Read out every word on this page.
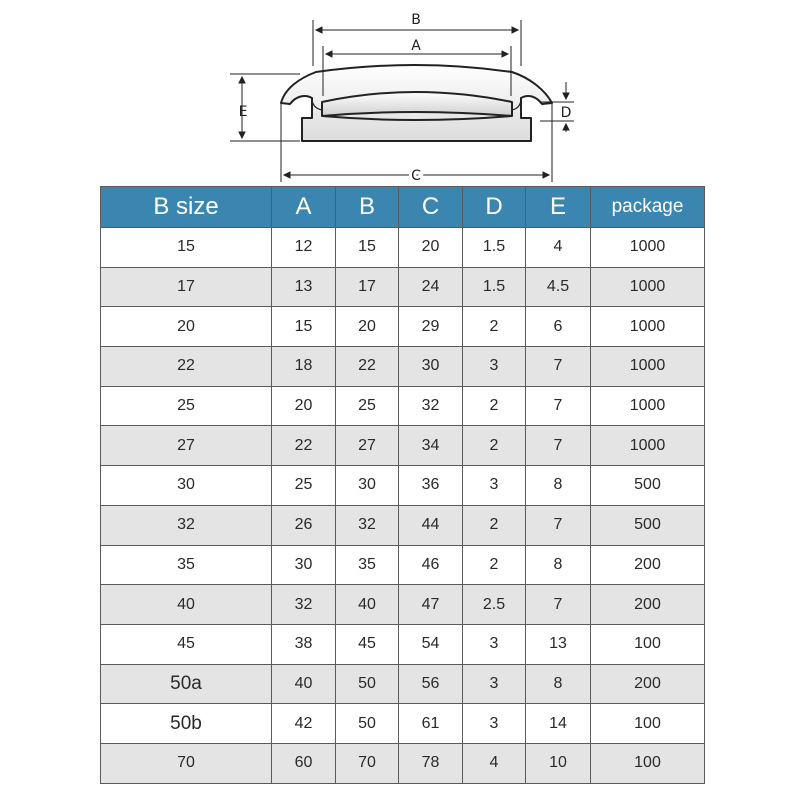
B
A
E	D
C
B size	A	B	C	D	E	package
15	12	15	20	1.5	4	1000
17	13	17	24	1.5	4.5	1000
20	15	20	29	2	6	1000
22	18	22	30	3	7	1000
25	20	25	32	2	7	1000
27	22	27	34	2	7	1000
30	25	30	36	3	8	500
32	26	32	44	2	7	500
35	30	35	46	2	8	200
40	32	40	47	2.5	7	200
45	38	45	54	3	13	100
50a	40	50	56	3	8	200
50b	42	50	61	3	14	100
70	60	70	78	4	10	100
